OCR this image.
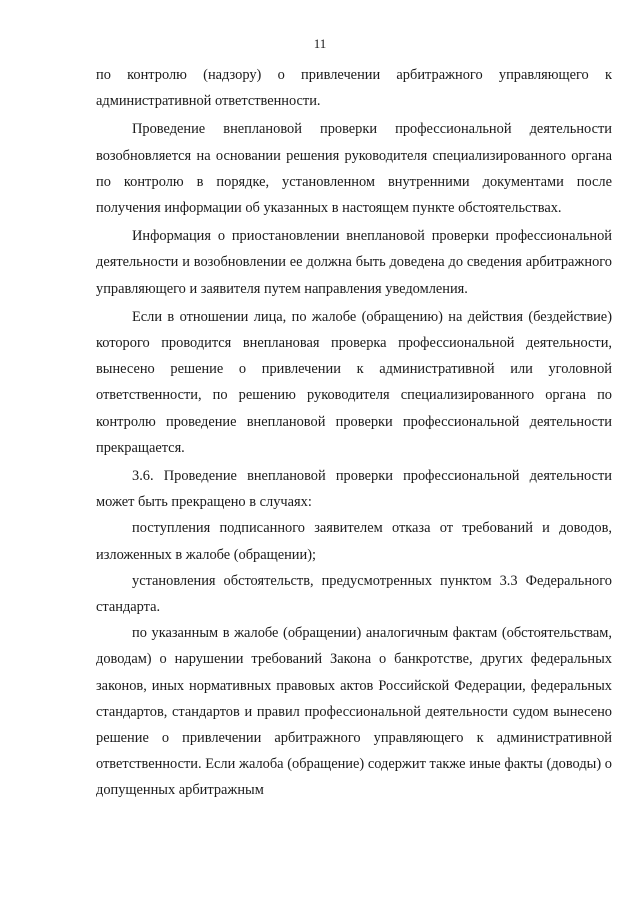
11

по контролю (надзору) о привлечении арбитражного управляющего к административной ответственности.

Проведение внеплановой проверки профессиональной деятельности возобновляется на основании решения руководителя специализированного органа по контролю в порядке, установленном внутренними документами после получения информации об указанных в настоящем пункте обстоятельствах.

Информация о приостановлении внеплановой проверки профессиональной деятельности и возобновлении ее должна быть доведена до сведения арбитражного управляющего и заявителя путем направления уведомления.

Если в отношении лица, по жалобе (обращению) на действия (бездействие) которого проводится внеплановая проверка профессиональной деятельности, вынесено решение о привлечении к административной или уголовной ответственности, по решению руководителя специализированного органа по контролю проведение внеплановой проверки профессиональной деятельности прекращается.

3.6. Проведение внеплановой проверки профессиональной деятельности может быть прекращено в случаях:

поступления подписанного заявителем отказа от требований и доводов, изложенных в жалобе (обращении);

установления обстоятельств, предусмотренных пунктом 3.3 Федерального стандарта.

по указанным в жалобе (обращении) аналогичным фактам (обстоятельствам, доводам) о нарушении требований Закона о банкротстве, других федеральных законов, иных нормативных правовых актов Российской Федерации, федеральных стандартов, стандартов и правил профессиональной деятельности судом вынесено решение о привлечении арбитражного управляющего к административной ответственности. Если жалоба (обращение) содержит также иные факты (доводы) о допущенных арбитражным
